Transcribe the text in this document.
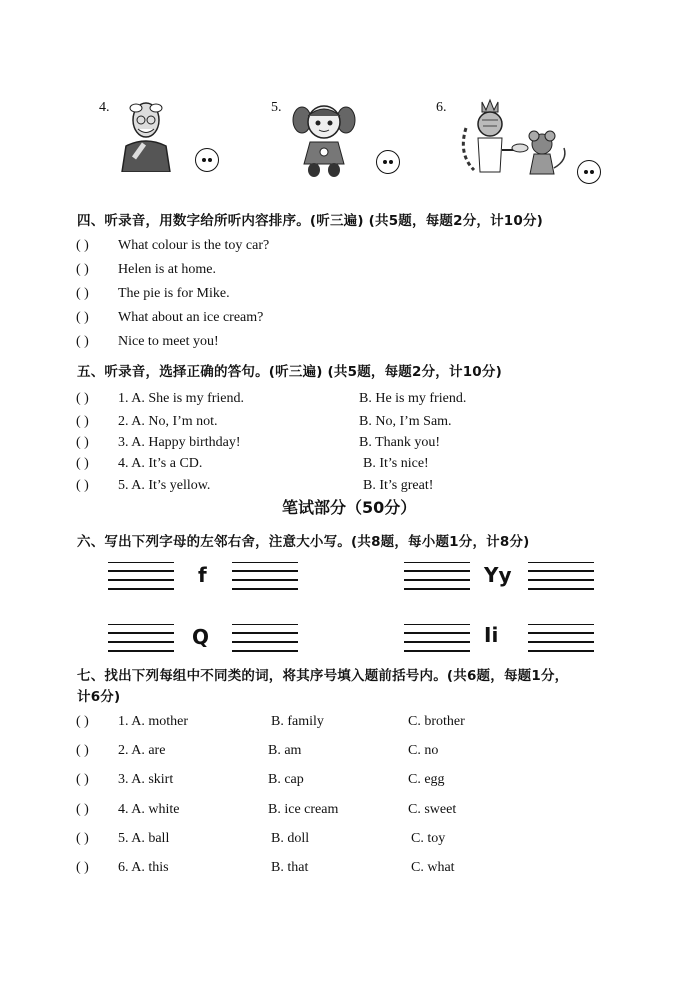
4.	5.	6.
四、听录音，用数字给所听内容排序。(听三遍) (共5题，每题2分，计10分)
( ) What colour is the toy car?
( ) Helen is at home.
( ) The pie is for Mike.
( ) What about an ice cream?
( ) Nice to meet you!
五、听录音，选择正确的答句。(听三遍) (共5题，每题2分，计10分)
( ) 1. A. She is my friend.	B. He is my friend.
( ) 2. A. No, I’m not.	B. No, I’m Sam.
( ) 3. A. Happy birthday!	B. Thank you!
( ) 4. A. It’s a CD.	B. It’s nice!
( ) 5. A. It’s yellow.	B. It’s great!
笔试部分（50分）
六、写出下列字母的左邻右舍，注意大小写。(共8题，每小题1分，计8分)
f	Yy
Q	Ii
七、找出下列每组中不同类的词，将其序号填入题前括号内。(共6题，每题1分，
计6分)
( ) 1. A. mother	B. family	C. brother
( ) 2. A. are	B. am	C. no
( ) 3. A. skirt	B. cap	C. egg
( ) 4. A. white	B. ice cream	C. sweet
( ) 5. A. ball	B. doll	C. toy
( ) 6. A. this	B. that	C. what
